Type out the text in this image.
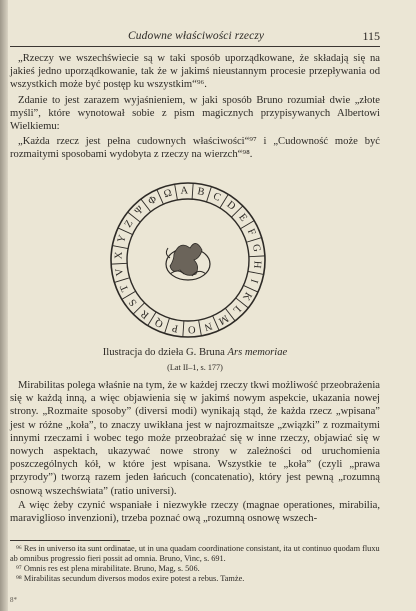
Cudowne właściwości rzeczy	115

„Rzeczy we wszechświecie są w taki sposób uporządkowane, że składają się na jakieś jedno uporządkowanie, tak że w jakimś nieustannym procesie przepływania od wszystkich może być postęp ku wszystkim“⁹⁶.

Zdanie to jest zarazem wyjaśnieniem, w jaki sposób Bruno rozumiał dwie „złote myśli”, które wynotował sobie z pism magicznych przypisywanych Albertowi Wielkiemu:

„Każda rzecz jest pełna cudownych właściwości“⁹⁷ i „Cudowność może być rozmaitymi sposobami wydobyta z rzeczy na wierzch“⁹⁸.

A B C
D
E
F
G
H
I
K
L
M
N
O
P
Q
R
S
T
V
X
Y
Z
Ψ
Φ
Ω
Ilustracja do dzieła G. Bruna Ars memoriae
(Lat II–1, s. 177)

Mirabilitas polega właśnie na tym, że w każdej rzeczy tkwi możliwość przeobrażenia się w każdą inną, a więc objawienia się w jakimś nowym aspekcie, ukazania nowej strony. „Rozmaite sposoby” (diversi modi) wynikają stąd, że każda rzecz „wpisana” jest w różne „koła”, to znaczy uwikłana jest w najrozmaitsze „związki” z rozmaitymi innymi rzeczami i wobec tego może przeobrażać się w inne rzeczy, objawiać się w nowych aspektach, ukazywać nowe strony w zależności od uruchomienia poszczególnych kół, w które jest wpisana. Wszystkie te „koła” (czyli „prawa przyrody”) tworzą razem jeden łańcuch (concatenatio), który jest pewną „rozumną osnową wszechświata” (ratio universi).

A więc żeby czynić wspaniałe i niezwykłe rzeczy (magnae operationes, mirabilia, maraviglioso invenzioni), trzeba poznać ową „rozumną osnowę wszech-

⁹⁶ Res in universo ita sunt ordinatae, ut in una quadam coordinatione consistant, ita ut continuo quodam fluxu ab omnibus progressio fieri possit ad omnia. Bruno, Vinc, s. 691.
⁹⁷ Omnis res est plena mirabilitate. Bruno, Mag, s. 506.
⁹⁸ Mirabilitas secundum diversos modos exire potest a rebus. Tamże.
8*
